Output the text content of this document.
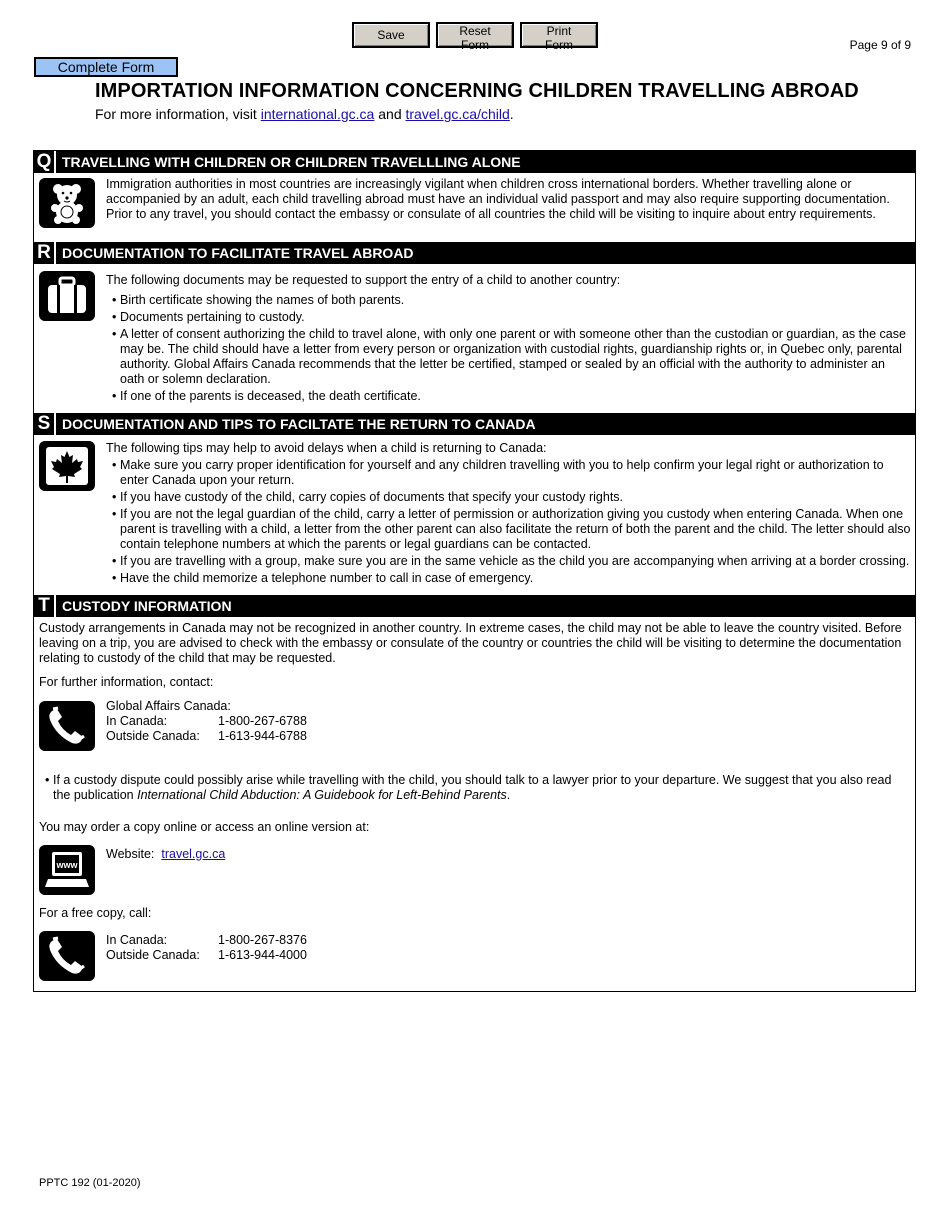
Save	Reset Form
Print Form	Page 9 of 9
Complete Form
IMPORTATION INFORMATION CONCERNING CHILDREN TRAVELLING ABROAD
For more information, visit international.gc.ca and travel.gc.ca/child.
Q TRAVELLING WITH CHILDREN OR CHILDREN TRAVELLLING ALONE
Immigration authorities in most countries are increasingly vigilant when children cross international borders. Whether travelling alone or accompanied by an adult, each child travelling abroad must have an individual valid passport and may also require supporting documentation. Prior to any travel, you should contact the embassy or consulate of all countries the child will be visiting to inquire about entry requirements.
R DOCUMENTATION TO FACILITATE TRAVEL ABROAD

The following documents may be requested to support the entry of a child to another country:

• Birth certificate showing the names of both parents.
• Documents pertaining to custody.
• A letter of consent authorizing the child to travel alone, with only one parent or with someone other than the custodian or guardian, as the case may be. The child should have a letter from every person or organization with custodial rights, guardianship rights or, in Quebec only, parental authority. Global Affairs Canada recommends that the letter be certified, stamped or sealed by an official with the authority to administer an oath or solemn declaration.
• If one of the parents is deceased, the death certificate.
S DOCUMENTATION AND TIPS TO FACILTATE THE RETURN TO CANADA

The following tips may help to avoid delays when a child is returning to Canada:

• Make sure you carry proper identification for yourself and any children travelling with you to help confirm your legal right or authorization to enter Canada upon your return.
• If you have custody of the child, carry copies of documents that specify your custody rights.
• If you are not the legal guardian of the child, carry a letter of permission or authorization giving you custody when entering Canada. When one parent is travelling with a child, a letter from the other parent can also facilitate the return of both the parent and the child. The letter should also contain telephone numbers at which the parents or legal guardians can be contacted.
• If you are travelling with a group, make sure you are in the same vehicle as the child you are accompanying when arriving at a border crossing.
• Have the child memorize a telephone number to call in case of emergency.
T CUSTODY INFORMATION
Custody arrangements in Canada may not be recognized in another country. In extreme cases, the child may not be able to leave the country visited. Before leaving on a trip, you are advised to check with the embassy or consulate of the country or countries the child will be visiting to determine the documentation relating to custody of the child that may be requested.
For further information, contact:

Global Affairs Canada:

In Canada:	1-800-267-6788
Outside Canada:	1-613-944-6788
• If a custody dispute could possibly arise while travelling with the child, you should talk to a lawyer prior to your departure. We suggest that you also read the publication International Child Abduction: A Guidebook for Left-Behind Parents.
You may order a copy online or access an online version at:
www
Website: travel.gc.ca
For a free copy, call:
In Canada:	1-800-267-8376
Outside Canada:	1-613-944-4000
PPTC 192 (01-2020)
